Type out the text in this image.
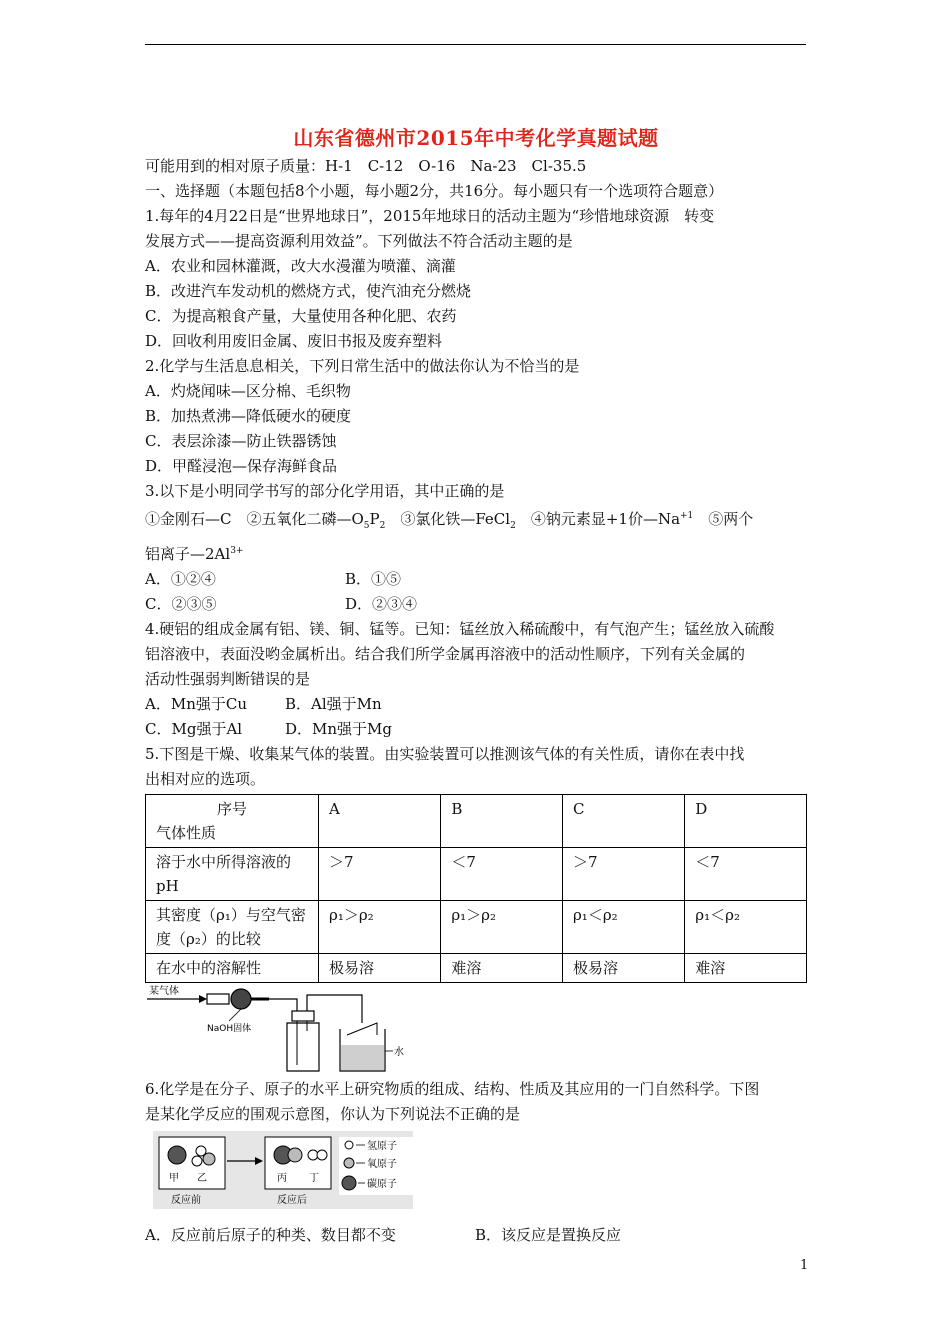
山东省德州市2015年中考化学真题试题
可能用到的相对原子质量：H-1　C-12　O-16　Na-23　Cl-35.5
一、选择题（本题包括8个小题，每小题2分，共16分。每小题只有一个选项符合题意）
1.每年的4月22日是“世界地球日”，2015年地球日的活动主题为“珍惜地球资源　转变
发展方式——提高资源利用效益”。下列做法不符合活动主题的是
A．农业和园林灌溉，改大水漫灌为喷灌、滴灌
B．改进汽车发动机的燃烧方式，使汽油充分燃烧
C．为提高粮食产量，大量使用各种化肥、农药
D．回收利用废旧金属、废旧书报及废弃塑料
2.化学与生活息息相关，下列日常生活中的做法你认为不恰当的是
A．灼烧闻味—区分棉、毛织物
B．加热煮沸—降低硬水的硬度
C．表层涂漆—防止铁器锈蚀
D．甲醛浸泡—保存海鲜食品
3.以下是小明同学书写的部分化学用语，其中正确的是
①金刚石—C　②五氧化二磷$—O_5P_2$　③氯化铁—FeCl$_2$　④钠元素显+1价$—Na^{+1}$　⑤两个
铝离子$—2Al^{3+}$
A．①②④	B．①⑤
C．②③⑤	D．②③④
4.硬铝的组成金属有铝、镁、铜、锰等。已知：锰丝放入稀硫酸中，有气泡产生；锰丝放入硫酸
铝溶液中，表面没哟金属析出。结合我们所学金属再溶液中的活动性顺序，下列有关金属的
活动性强弱判断错误的是
A．Mn强于Cu	B．Al强于Mn
C．Mg强于Al	D．Mn强于Mg
5.下图是干燥、收集某气体的装置。由实验装置可以推测该气体的有关性质，请你在表中找
出相对应的选项。
序号
气体性质	A	B	C	D
溶于水中所得溶液的pH	＞7	＜7	＞7	＜7
其密度（ρ₁）与空气密度（ρ₂）的比较	ρ₁＞ρ₂	ρ₁＞ρ₂	ρ₁＜ρ₂	ρ₁＜ρ₂
在水中的溶解性	极易溶	难溶	极易溶	难溶
某气体
NaOH固体
水
6.化学是在分子、原子的水平上研究物质的组成、结构、性质及其应用的一门自然科学。下图
是某化学反应的围观示意图，你认为下列说法不正确的是
甲 乙
反应前
丙 丁
反应后
氢原子
氧原子
碳原子
A．反应前后原子的种类、数目都不变	B．该反应是置换反应
1
